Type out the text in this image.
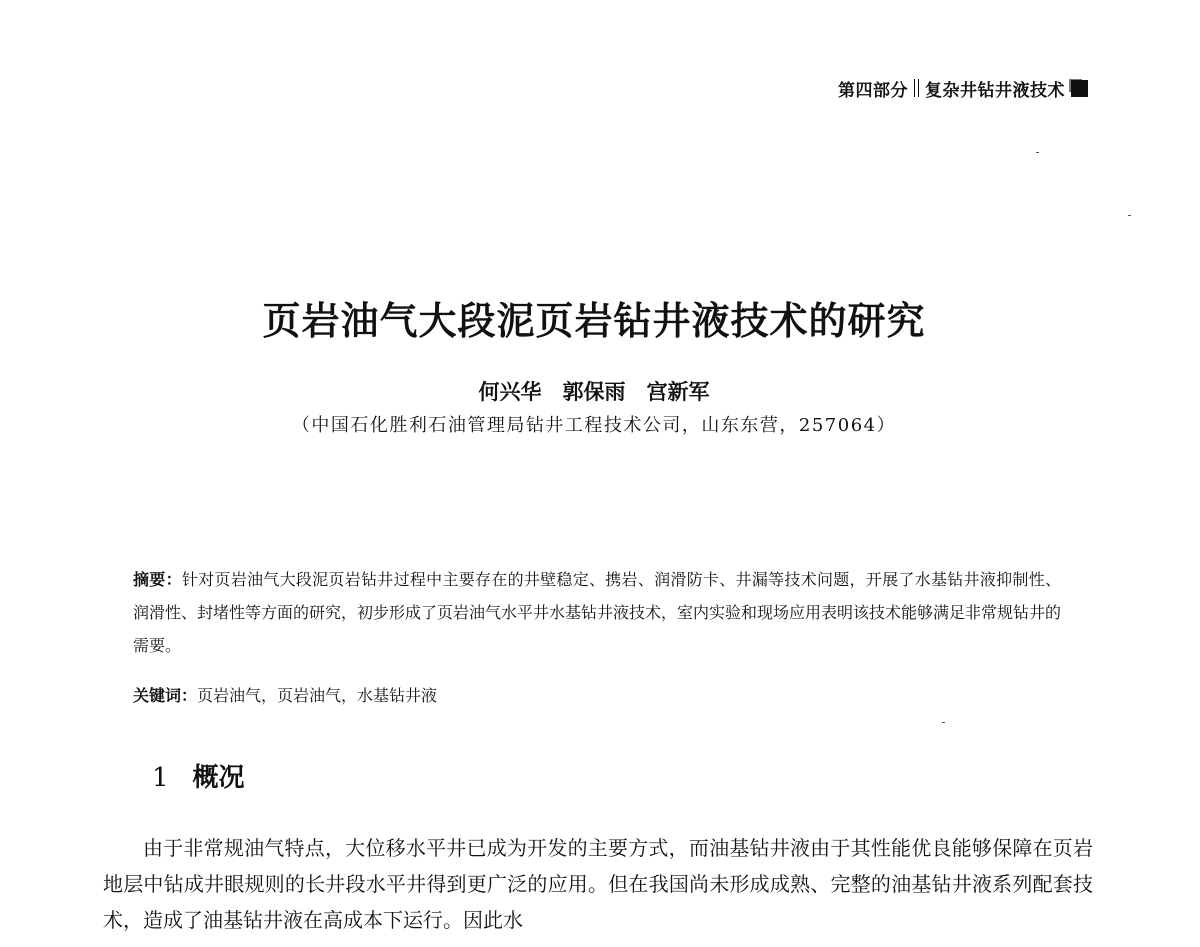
第四部分 复杂井钻井液技术
页岩油气大段泥页岩钻井液技术的研究
何兴华　郭保雨　宫新军
（中国石化胜利石油管理局钻井工程技术公司，山东东营，257064）

摘要：针对页岩油气大段泥页岩钻井过程中主要存在的井壁稳定、携岩、润滑防卡、井漏等技术问题，开展了水基钻井液抑制性、润滑性、封堵性等方面的研究，初步形成了页岩油气水平井水基钻井液技术，室内实验和现场应用表明该技术能够满足非常规钻井的需要。

关键词：页岩油气，页岩油气，水基钻井液

1 概况

由于非常规油气特点，大位移水平井已成为开发的主要方式，而油基钻井液由于其性能优良能够保障在页岩地层中钻成井眼规则的长井段水平井得到更广泛的应用。但在我国尚未形成成熟、完整的油基钻井液系列配套技术，造成了油基钻井液在高成本下运行。因此水
